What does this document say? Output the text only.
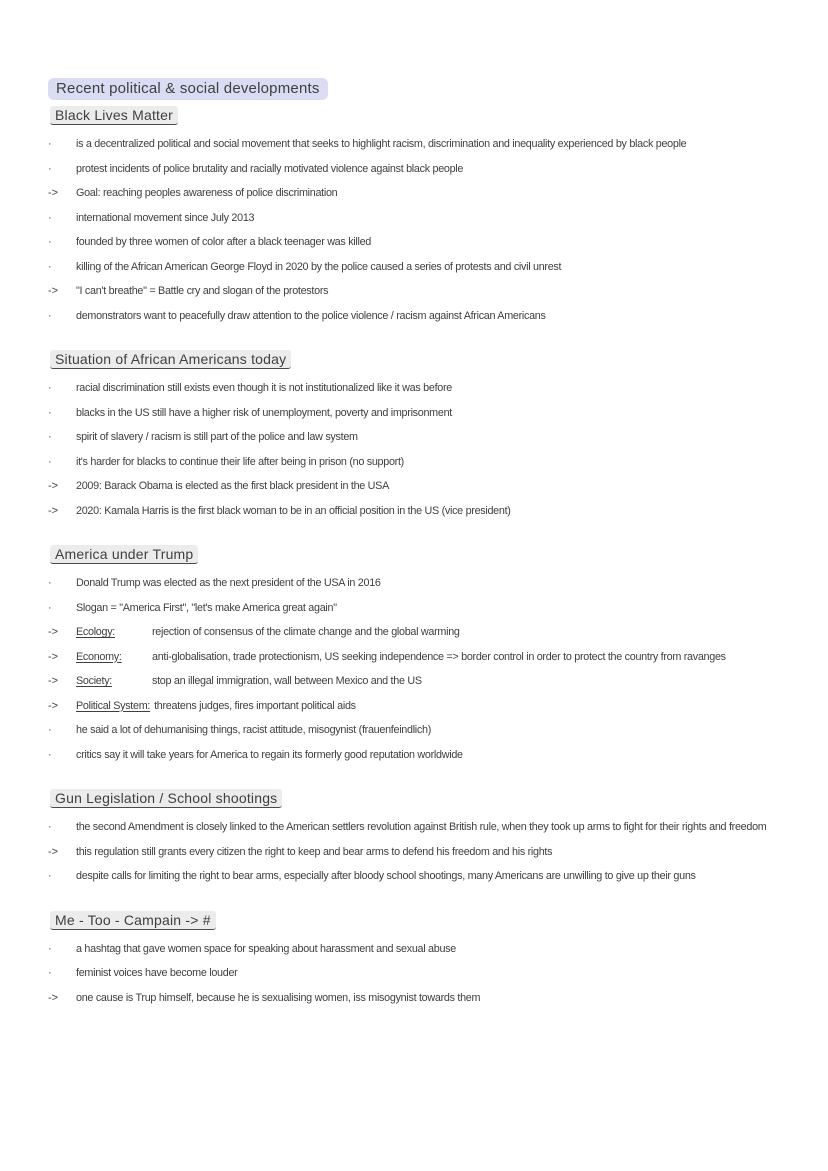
Recent political & social developments
Black Lives Matter
·	is a decentralized political and social movement that seeks to highlight racism, discrimination and inequality experienced by black people
·	protest incidents of police brutality and racially motivated violence against black people
->	Goal: reaching peoples awareness of police discrimination
·	international movement since July 2013
·	founded by three women of color after a black teenager was killed
·	killing of the African American George Floyd in 2020 by the police caused a series of protests and civil unrest
->	"I can't breathe" = Battle cry and slogan of the protestors
·	demonstrators want to peacefully draw attention to the police violence / racism against African Americans
Situation of African Americans today
·	racial discrimination still exists even though it is not institutionalized like it was before
·	blacks in the US still have a higher risk of unemployment, poverty and imprisonment
·	spirit of slavery / racism is still part of the police and law system
·	it's harder for blacks to continue their life after being in prison (no support)
->	2009: Barack Obama is elected as the first black president in the USA
->	2020: Kamala Harris is the first black woman to be in an official position in the US (vice president)
America under Trump
·	Donald Trump was elected as the next president of the USA in 2016
·	Slogan = "America First", "let's make America great again"
->	Ecology:	rejection of consensus of the climate change and the global warming
->	Economy:	anti-globalisation, trade protectionism, US seeking independence => border control in order to protect the country from ravanges
->	Society:	stop an illegal immigration, wall between Mexico and the US
->	Political System: threatens judges, fires important political aids
·	he said a lot of dehumanising things, racist attitude, misogynist (frauenfeindlich)
·	critics say it will take years for America to regain its formerly good reputation worldwide
Gun Legislation / School shootings
·	the second Amendment is closely linked to the American settlers revolution against British rule, when they took up arms to fight for their rights and freedom
->	this regulation still grants every citizen the right to keep and bear arms to defend his freedom and his rights
·	despite calls for limiting the right to bear arms, especially after bloody school shootings, many Americans are unwilling to give up their guns
Me - Too - Campain -> #
·	a hashtag that gave women space for speaking about harassment and sexual abuse
·	feminist voices have become louder
->	one cause is Trup himself, because he is sexualising women, iss misogynist towards them
